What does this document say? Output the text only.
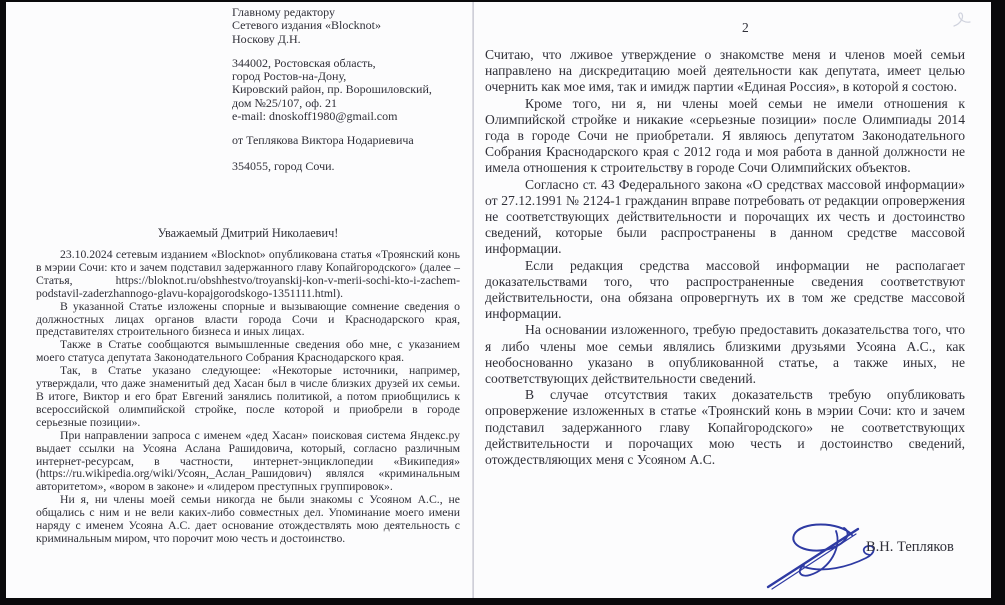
Главному редактору
Сетевого издания «Blocknot»
Носкову Д.Н.
344002, Ростовская область,
город Ростов-на-Дону,
Кировский район, пр. Ворошиловский,
дом №25/107, оф. 21
e-mail: dnoskoff1980@gmail.com
от Теплякова Виктора Нодариевича
354055, город Сочи.
Уважаемый Дмитрий Николаевич!

23.10.2024 сетевым изданием «Blocknot» опубликована статья «Троянский конь в мэрии Сочи: кто и зачем подставил задержанного главу Копайгородского» (далее – Статья, https://bloknot.ru/obshhestvo/troyanskij-kon-v-merii-sochi-kto-i-zachem-podstavil-zaderzhannogo-glavu-kopajgorodskogo-1351111.html).

В указанной Статье изложены спорные и вызывающие сомнение сведения о должностных лицах органов власти города Сочи и Краснодарского края, представителях строительного бизнеса и иных лицах.

Также в Статье сообщаются вымышленные сведения обо мне, с указанием моего статуса депутата Законодательного Собрания Краснодарского края.

Так, в Статье указано следующее: «Некоторые источники, например, утверждали, что даже знаменитый дед Хасан был в числе близких друзей их семьи. В итоге, Виктор и его брат Евгений занялись политикой, а потом приобщились к всероссийской олимпийской стройке, после которой и приобрели в городе серьезные позиции».

При направлении запроса с именем «дед Хасан» поисковая система Яндекс.ру выдает ссылки на Усояна Аслана Рашидовича, который, согласно различным интернет-ресурсам, в частности, интернет-энциклопедии «Википедия» (https://ru.wikipedia.org/wiki/Усоян,_Аслан_Рашидович) являлся «криминальным авторитетом», «вором в законе» и «лидером преступных группировок».

Ни я, ни члены моей семьи никогда не были знакомы с Усояном А.С., не общались с ним и не вели каких-либо совместных дел. Упоминание моего имени наряду с именем Усояна А.С. дает основание отождествлять мою деятельность с криминальным миром, что порочит мою честь и достоинство.

2

Считаю, что лживое утверждение о знакомстве меня и членов моей семьи направлено на дискредитацию моей деятельности как депутата, имеет целью очернить как мое имя, так и имидж партии «Единая Россия», в которой я состою.

Кроме того, ни я, ни члены моей семьи не имели отношения к Олимпийской стройке и никакие «серьезные позиции» после Олимпиады 2014 года в городе Сочи не приобретали. Я являюсь депутатом Законодательного Собрания Краснодарского края с 2012 года и моя работа в данной должности не имела отношения к строительству в городе Сочи Олимпийских объектов.

Согласно ст. 43 Федерального закона «О средствах массовой информации» от 27.12.1991 № 2124-1 гражданин вправе потребовать от редакции опровержения не соответствующих действительности и порочащих их честь и достоинство сведений, которые были распространены в данном средстве массовой информации.

Если редакция средства массовой информации не располагает доказательствами того, что распространенные сведения соответствуют действительности, она обязана опровергнуть их в том же средстве массовой информации.

На основании изложенного, требую предоставить доказательства того, что я либо члены мое семьи являлись близкими друзьями Усояна А.С., как необоснованно указано в опубликованной статье, а также иных, не соответствующих действительности сведений.

В случае отсутствия таких доказательств требую опубликовать опровержение изложенных в статье «Троянский конь в мэрии Сочи: кто и зачем подставил задержанного главу Копайгородского» не соответствующих действительности и порочащих мою честь и достоинство сведений, отождествляющих меня с Усояном А.С.

В.Н. Тепляков
